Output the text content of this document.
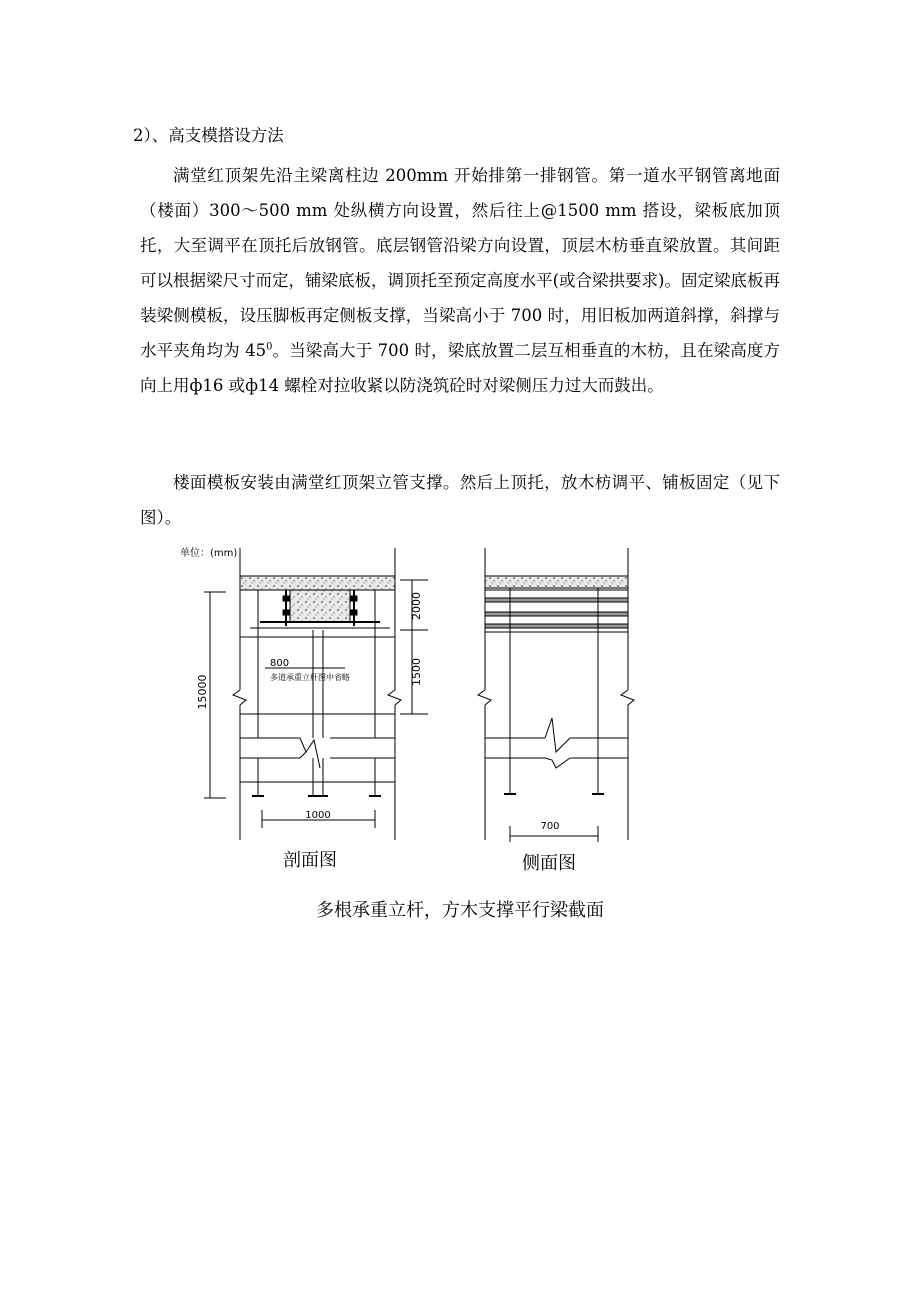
2）、高支模搭设方法

满堂红顶架先沿主梁离柱边 200mm 开始排第一排钢管。第一道水平钢管离地面（楼面）300～500 mm 处纵横方向设置，然后往上@1500 mm 搭设，梁板底加顶托，大至调平在顶托后放钢管。底层钢管沿梁方向设置，顶层木枋垂直梁放置。其间距可以根据梁尺寸而定，铺梁底板，调顶托至预定高度水平(或合梁拱要求)。固定梁底板再装梁侧模板，设压脚板再定侧板支撑，当梁高小于 700 时，用旧板加两道斜撑，斜撑与水平夹角均为 $45^0$。当梁高大于 700 时，梁底放置二层互相垂直的木枋，且在梁高度方向上用ф16 或ф14 螺栓对拉收紧以防浇筑砼时对梁侧压力过大而鼓出。

楼面模板安装由满堂红顶架立管支撑。然后上顶托，放木枋调平、铺板固定（见下图）。

单位：(mm)
2000
1500
15000
800
多道承重立杆图中省略
1000
700
剖面图	侧面图
多根承重立杆，方木支撑平行梁截面
